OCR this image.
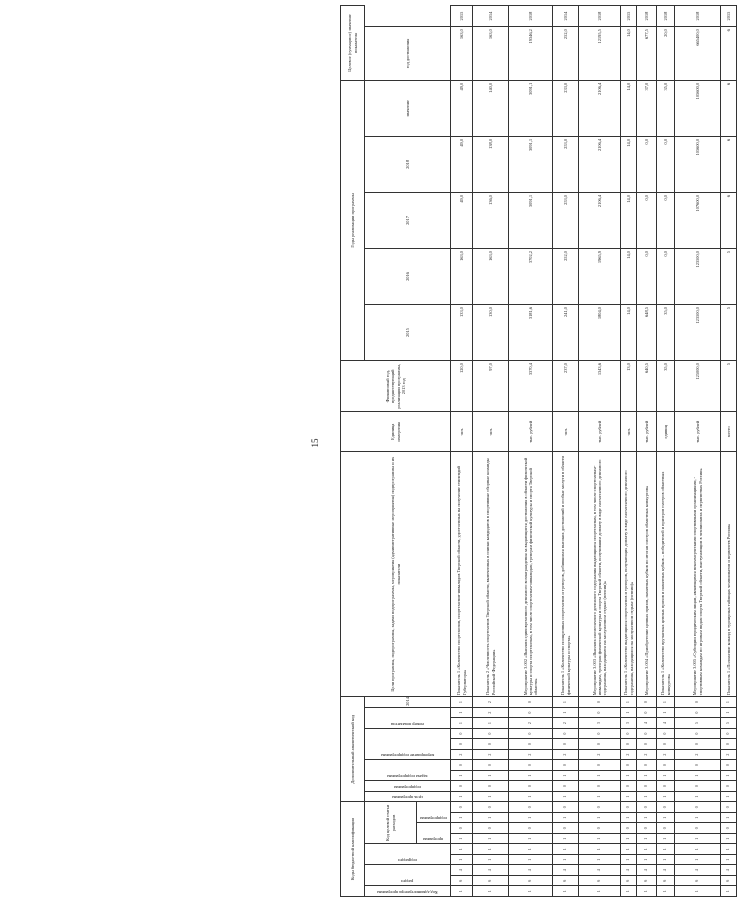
15
Коды бюджетной классификации									Дополнительный аналитический код										Цели программы, подпрограммы, задачи подпрограммы, мероприятия (административные мероприятия) подпрограммы и их показатели	Единица измерения	Финансовый год, предшествующий реализации программы, 2013 год	Годы реализации программы					Целевое (суммарное) значение показателя	

Код администратора программы	раздел		подраздел		Код целевой статьи расходов				цель программы	подпрограмма	задача подпрограммы		мероприятие подпрограммы			номер показателя		2014				2015	2016	2017	2018	значение	год достижения	

					программа		подпрограмма																					

1	6	4	1	1	1	0	1	0	1	0	1	0	2	0	0	1	1	1	Показатель 1 «Количество спортсменов, спортсменов-инвалидов Тверской области, удостоенных на получение стипендий Губернатора»	чел.	120,0	133,0	163,0	49,0	49,0	49,0	163,0	2015
1	6	4	1	1	1	0	1	0	1	0	1	0	2	0	0	1	2	2	Показатель 2 «Численность спортсменов Тверской области, включенных в списки кандидатов в спортивные сборные команды Российской Федерации»	чел.	97,0	130,0	163,0	136,0	138,0	140,0	163,0	2014
1	6	4	1	1	1	0	1	0	1	0	1	0	2	0	0	2	0	0	Мероприятие 3.002 «Выплата единовременного денежного вознаграждения за выдающиеся достижения в области физической культуры и спорта спортсменам, в том числе спортсменам-инвалидам, тренерам физической культуры и спорта Тверской области»	тыс. рублей	3370,4	3181,6	3702,2	3091,1	3091,1	3091,1	19346,2	2018
1	6	4	1	1	1	0	1	0	1	0	1	0	2	0	0	2	1	1	Показатель 1 «Количество поощренных спортсменов и тренеров, добившихся высоких достижений и особые заслуги в области физической культуры и спорта»	чел.	237,0	241,0	252,0	253,0	253,0	233,0	252,0	2014
1	6	4	1	1	1	0	1	0	1	0	1	0	2	0	0	3	0	0	Мероприятие 3.003 «Выплата ежемесячного денежного содержания выдающимся спортсменам, в том числе спортсменам-инвалидам, тренерам физической культуры и спорта Тверской области, получившим доплату в виде ежемесячного денежного содержания, находящимся на заслуженном отдыхе (пенсии)»	тыс. рублей	1343,6	1804,0	1965,9	2106,4	2106,4	2106,4	12195,5	2018
1	6	4	1	1	1	0	1	0	1	0	1	0	2	0	0	3	1	1	Показатель 1 «Количество выдающихся спортсменов и тренеров, получающих доплату в виде ежемесячного денежного содержания, находящихся на заслуженном отдыхе (пенсии)»	чел.	13,0	14,0	14,0	14,0	14,0	14,0	14,0	2015
1	6	4	1	1	1	0	1	0	1	0	1	0	2	0	0	4	0	0	Мероприятие 3.004 «Приобретение ценных призов, памятных кубков по итогам смотров областных конкурсов»	тыс. рублей	640,5	648,5	0,0	0,0	0,0	37,0	677,5	2018
1	6	4	1	1	1	0	1	0	1	0	1	0	2	0	0	4	1	1	Показатель 1 «Количество вручаемых ценных призов и памятных кубков – победителей и призеров смотров областных конкурсов»	единиц	35,0	35,0	0,0	0,0	0,0	35,0	20,0	2018
1	6	4	1	1	1	0	1	0	1	0	1	0	2	0	0	5	0	0	Мероприятие 3.005 «Субсидии юридическим лицам, являющимся некоммерческими спортивными организациями, - спортивным командам по игровым видам спорта Тверской области, выступающим в чемпионатах и первенствах России»	тыс. рублей	125000,0	123500,0	123500,0	107600,0	105600,0	105600,0	665400,0	2018
1	6	4	1	1	1	0	1	0	1	0	1	0	2	0	0	5	1	1	Показатель 1 «Положение команд в турнирных таблицах чемпионатов и первенств России»	место	5	5	5	6	6	6	6	2015
